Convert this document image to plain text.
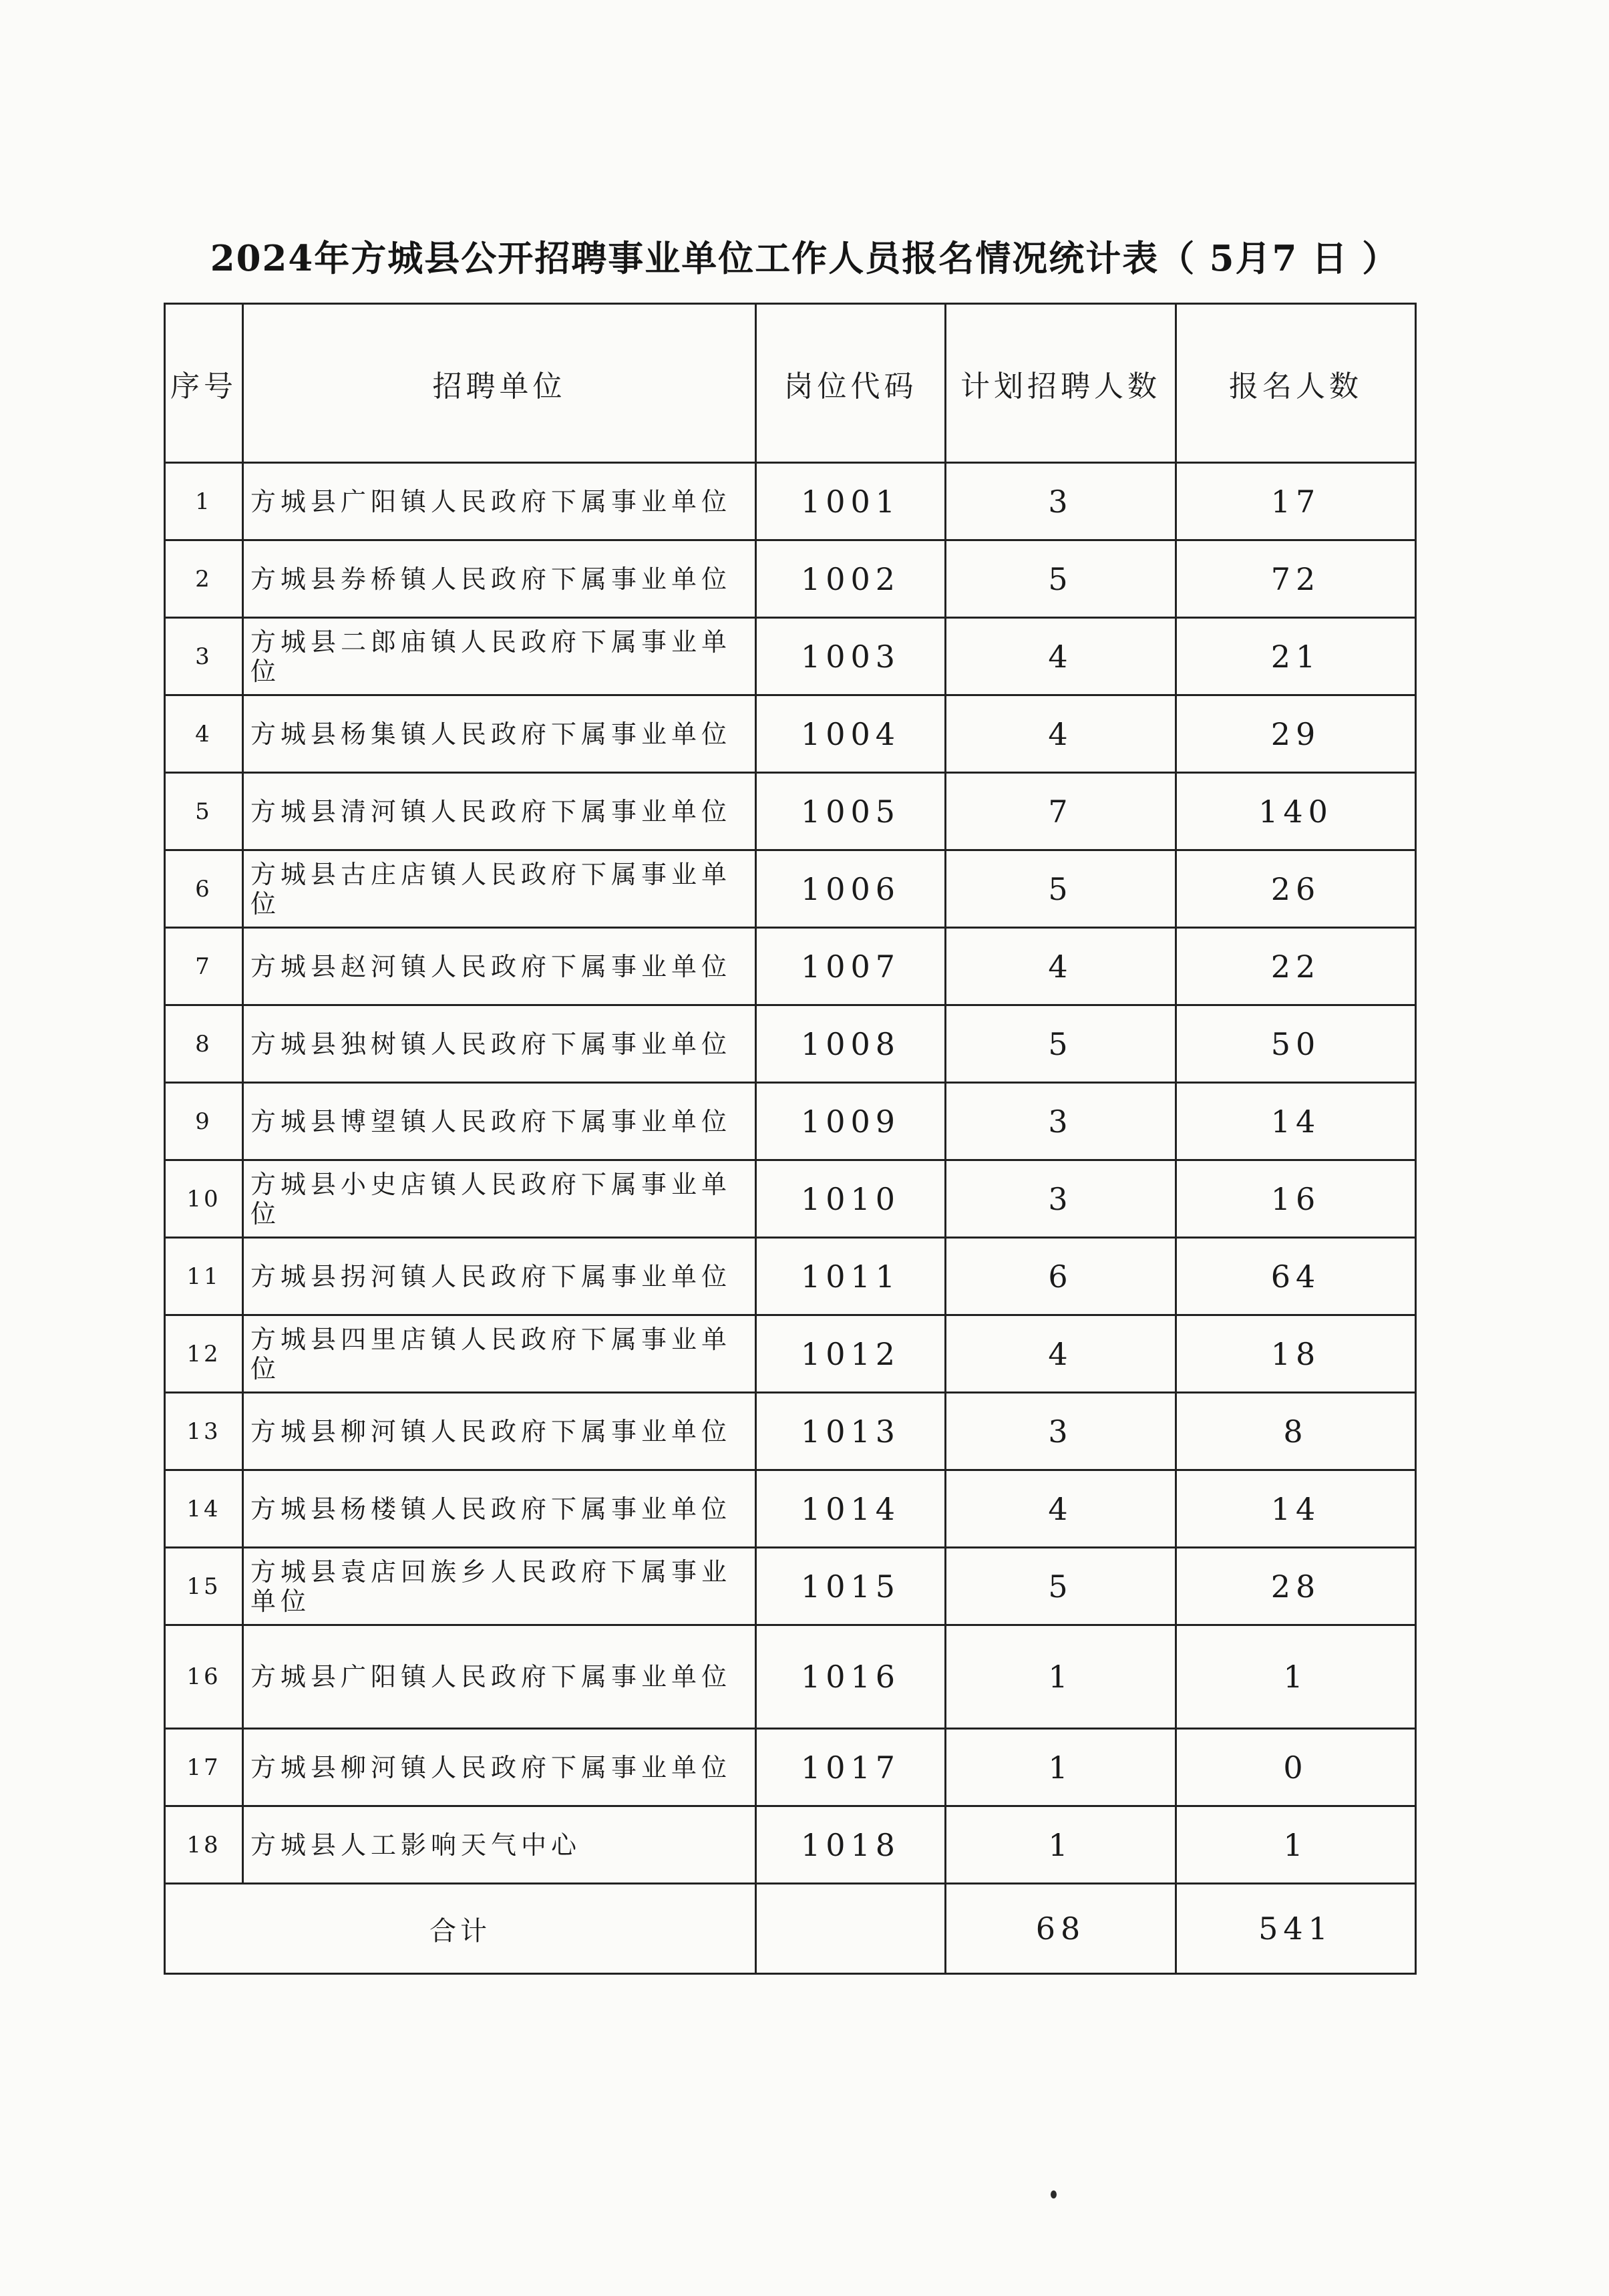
2024年方城县公开招聘事业单位工作人员报名情况统计表（ 5月7 日 ）
序号	招聘单位	岗位代码	计划招聘人数	报名人数
1	方城县广阳镇人民政府下属事业单位	1001	3	17
2	方城县券桥镇人民政府下属事业单位	1002	5	72
3	方城县二郎庙镇人民政府下属事业单位	1003	4	21
4	方城县杨集镇人民政府下属事业单位	1004	4	29
5	方城县清河镇人民政府下属事业单位	1005	7	140
6	方城县古庄店镇人民政府下属事业单位	1006	5	26
7	方城县赵河镇人民政府下属事业单位	1007	4	22
8	方城县独树镇人民政府下属事业单位	1008	5	50
9	方城县博望镇人民政府下属事业单位	1009	3	14
10	方城县小史店镇人民政府下属事业单位	1010	3	16
11	方城县拐河镇人民政府下属事业单位	1011	6	64
12	方城县四里店镇人民政府下属事业单位	1012	4	18
13	方城县柳河镇人民政府下属事业单位	1013	3	8
14	方城县杨楼镇人民政府下属事业单位	1014	4	14
15	方城县袁店回族乡人民政府下属事业单位	1015	5	28
16	方城县广阳镇人民政府下属事业单位	1016	1	1
17	方城县柳河镇人民政府下属事业单位	1017	1	0
18	方城县人工影响天气中心	1018	1	1
合计			68	541
